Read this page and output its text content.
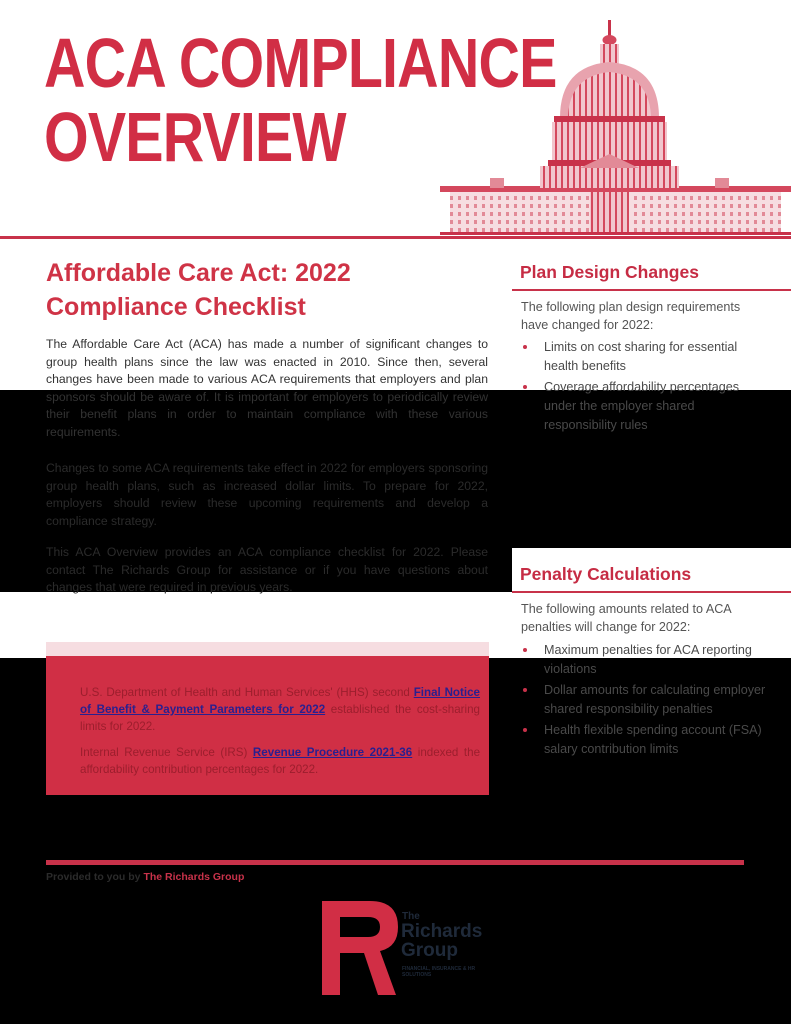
ACA COMPLIANCE
OVERVIEW
Affordable Care Act: 2022
Compliance Checklist

The Affordable Care Act (ACA) has made a number of significant changes to group health plans since the law was enacted in 2010. Since then, several changes have been made to various ACA requirements that employers and plan sponsors should be aware of. It is important for employers to periodically review their benefit plans in order to maintain compliance with these various requirements.

Changes to some ACA requirements take effect in 2022 for employers sponsoring group health plans, such as increased dollar limits. To prepare for 2022, employers should review these upcoming requirements and develop a compliance strategy.

This ACA Overview provides an ACA compliance checklist for 2022. Please contact The Richards Group for assistance or if you have questions about changes that were required in previous years.

U.S. Department of Health and Human Services' (HHS) second Final Notice of Benefit & Payment Parameters for 2022 established the cost-sharing limits for 2022.

Internal Revenue Service (IRS) Revenue Procedure 2021-36 indexed the affordability contribution percentages for 2022.

Plan Design Changes

The following plan design requirements have changed for 2022:

Limits on cost sharing for essential health benefits
Coverage affordability percentages under the employer shared responsibility rules
Penalty Calculations

The following amounts related to ACA penalties will change for 2022:

Maximum penalties for ACA reporting violations
Dollar amounts for calculating employer shared responsibility penalties
Health flexible spending account (FSA) salary contribution limits

Provided to you by The Richards Group

The

Richards
Group

FINANCIAL, INSURANCE & HR SOLUTIONS
